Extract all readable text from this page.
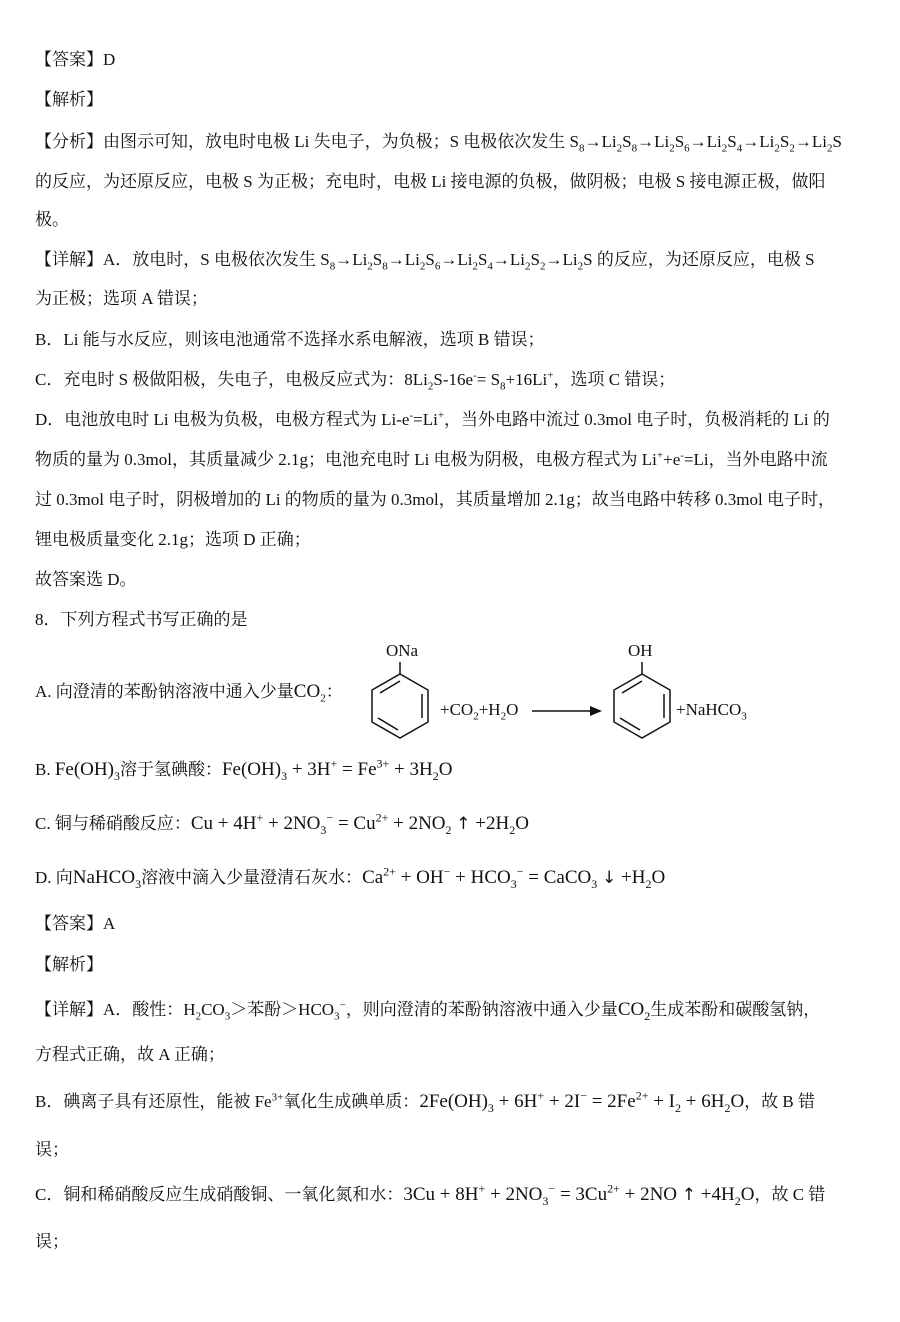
【答案】D
【解析】
【分析】由图示可知，放电时电极 Li 失电子，为负极；S 电极依次发生 $S_8\to Li_2S_8\to Li_2S_6\to Li_2S_4\to Li_2S_2\to Li_2S$
的反应，为还原反应，电极 S 为正极；充电时，电极 Li 接电源的负极，做阴极；电极 S 接电源正极，做阳
极。
【详解】A．放电时，S 电极依次发生 $S_8\to Li_2S_8\to Li_2S_6\to Li_2S_4\to Li_2S_2\to Li_2S$ 的反应，为还原反应，电极 S
为正极；选项 A 错误；
B．Li 能与水反应，则该电池通常不选择水系电解液，选项 B 错误；
C．充电时 S 极做阳极，失电子，电极反应式为：$8Li_2S-16e^-= S_8+16Li^+$，选项 C 错误；
D．电池放电时 Li 电极为负极，电极方程式为 Li-e-=Li+，当外电路中流过 0.3mol 电子时，负极消耗的 Li 的
物质的量为 0.3mol，其质量减少 2.1g；电池充电时 Li 电极为阴极，电极方程式为 Li++e-=Li，当外电路中流
过 0.3mol 电子时，阴极增加的 Li 的物质的量为 0.3mol，其质量增加 2.1g；故当电路中转移 0.3mol 电子时，
锂电极质量变化 2.1g；选项 D 正确；
故答案选 D。
8．下列方程式书写正确的是
A. 向澄清的苯酚钠溶液中通入少量$CO_2$：
ONa
$+CO_2+H_2O$
OH
+NaHCO$_3$
B. $Fe(OH)_3$溶于氢碘酸：$Fe(OH)_3 + 3H^+ = Fe^{3+} + 3H_2O$
C. 铜与稀硝酸反应：$Cu + 4H^+ + 2NO_3^- = Cu^{2+} + 2NO_2$ ↑ $+2H_2O$
D. 向NaHCO$_3$溶液中滴入少量澄清石灰水：$Ca^{2+} + OH^- + HCO_3^-$ = CaCO$_3$ ↓ $+H_2O$
【答案】A
【解析】
【详解】A．酸性：$H_2CO_3>$苯酚$>HCO_3^-$，则向澄清的苯酚钠溶液中通入少量$CO_2$生成苯酚和碳酸氢钠，
方程式正确，故 A 正确；
B．碘离子具有还原性，能被 $Fe^{3+}$氧化生成碘单质：$2Fe(OH)_3 + 6H^+ + 2I^- = 2Fe^{2+} + I_2 + 6H_2O$，故 B 错
误；
C．铜和稀硝酸反应生成硝酸铜、一氧化氮和水：$3Cu + 8H^+ + 2NO_3^- = 3Cu^{2+} + 2NO$ ↑ $+4H_2O$，故 C 错
误；
